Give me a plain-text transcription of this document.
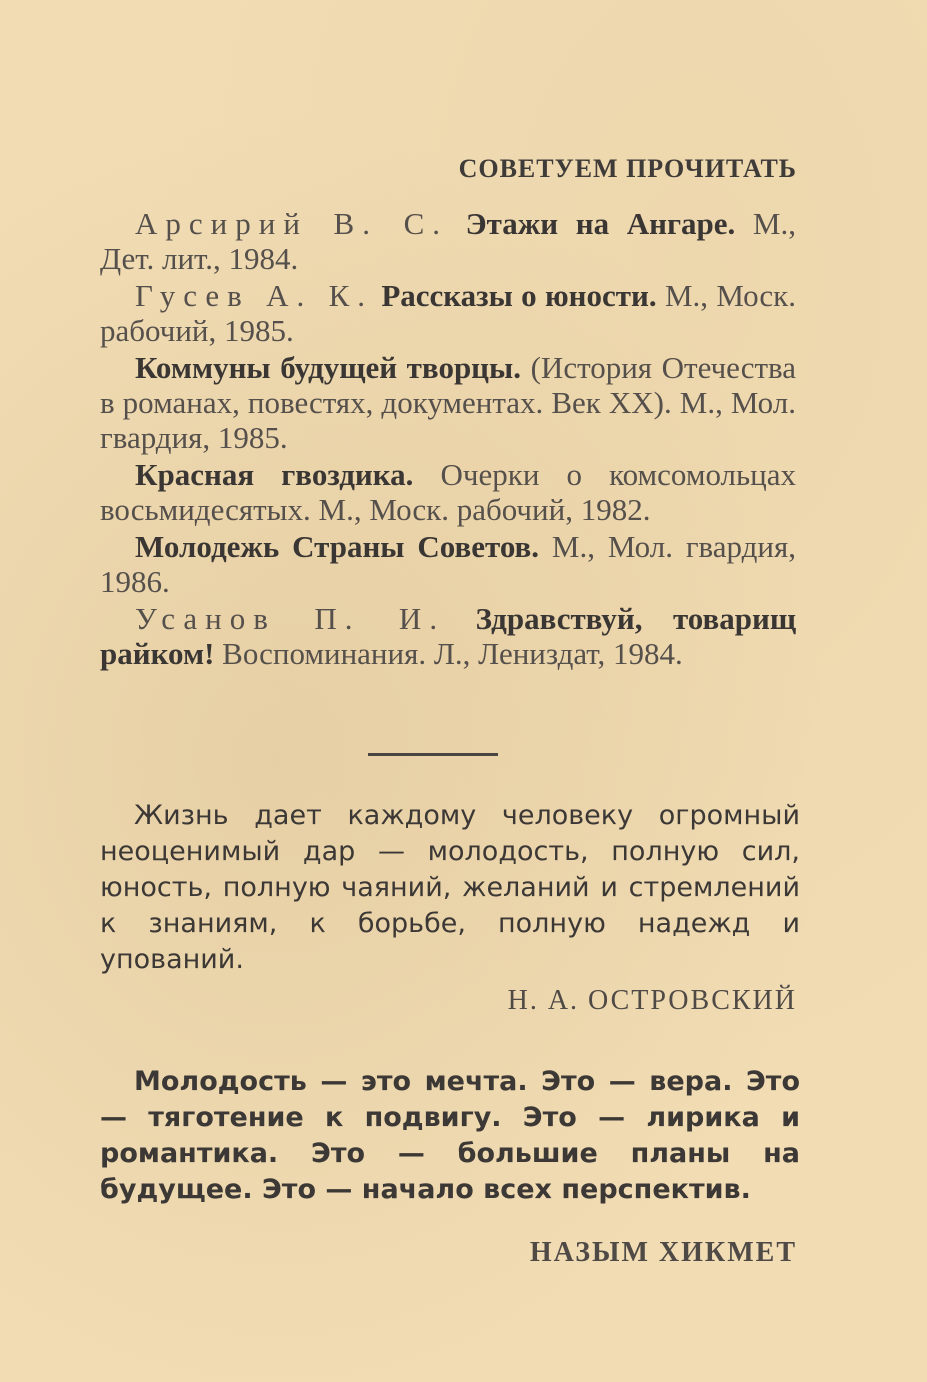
СОВЕТУЕМ ПРОЧИТАТЬ

Арсирий В. С. Этажи на Ангаре. М., Дет. лит., 1984.

Гусев А. К. Рассказы о юности. М., Моск. рабочий, 1985.

Коммуны будущей творцы. (История Отечества в романах, повестях, документах. Век XX). М., Мол. гвардия, 1985.

Красная гвоздика. Очерки о комсомольцах восьмидесятых. М., Моск. рабочий, 1982.

Молодежь Страны Советов. М., Мол. гвардия, 1986.

Усанов П. И. Здравствуй, товарищ райком! Воспоминания. Л., Лениздат, 1984.

Жизнь дает каждому человеку огромный неоценимый дар — молодость, полную сил, юность, полную чаяний, желаний и стремлений к знаниям, к борьбе, полную надежд и упований.

Н. А. ОСТРОВСКИЙ

Молодость — это мечта. Это — вера. Это — тяготение к подвигу. Это — лирика и романтика. Это — большие планы на будущее. Это — начало всех перспектив.

НАЗЫМ ХИКМЕТ
